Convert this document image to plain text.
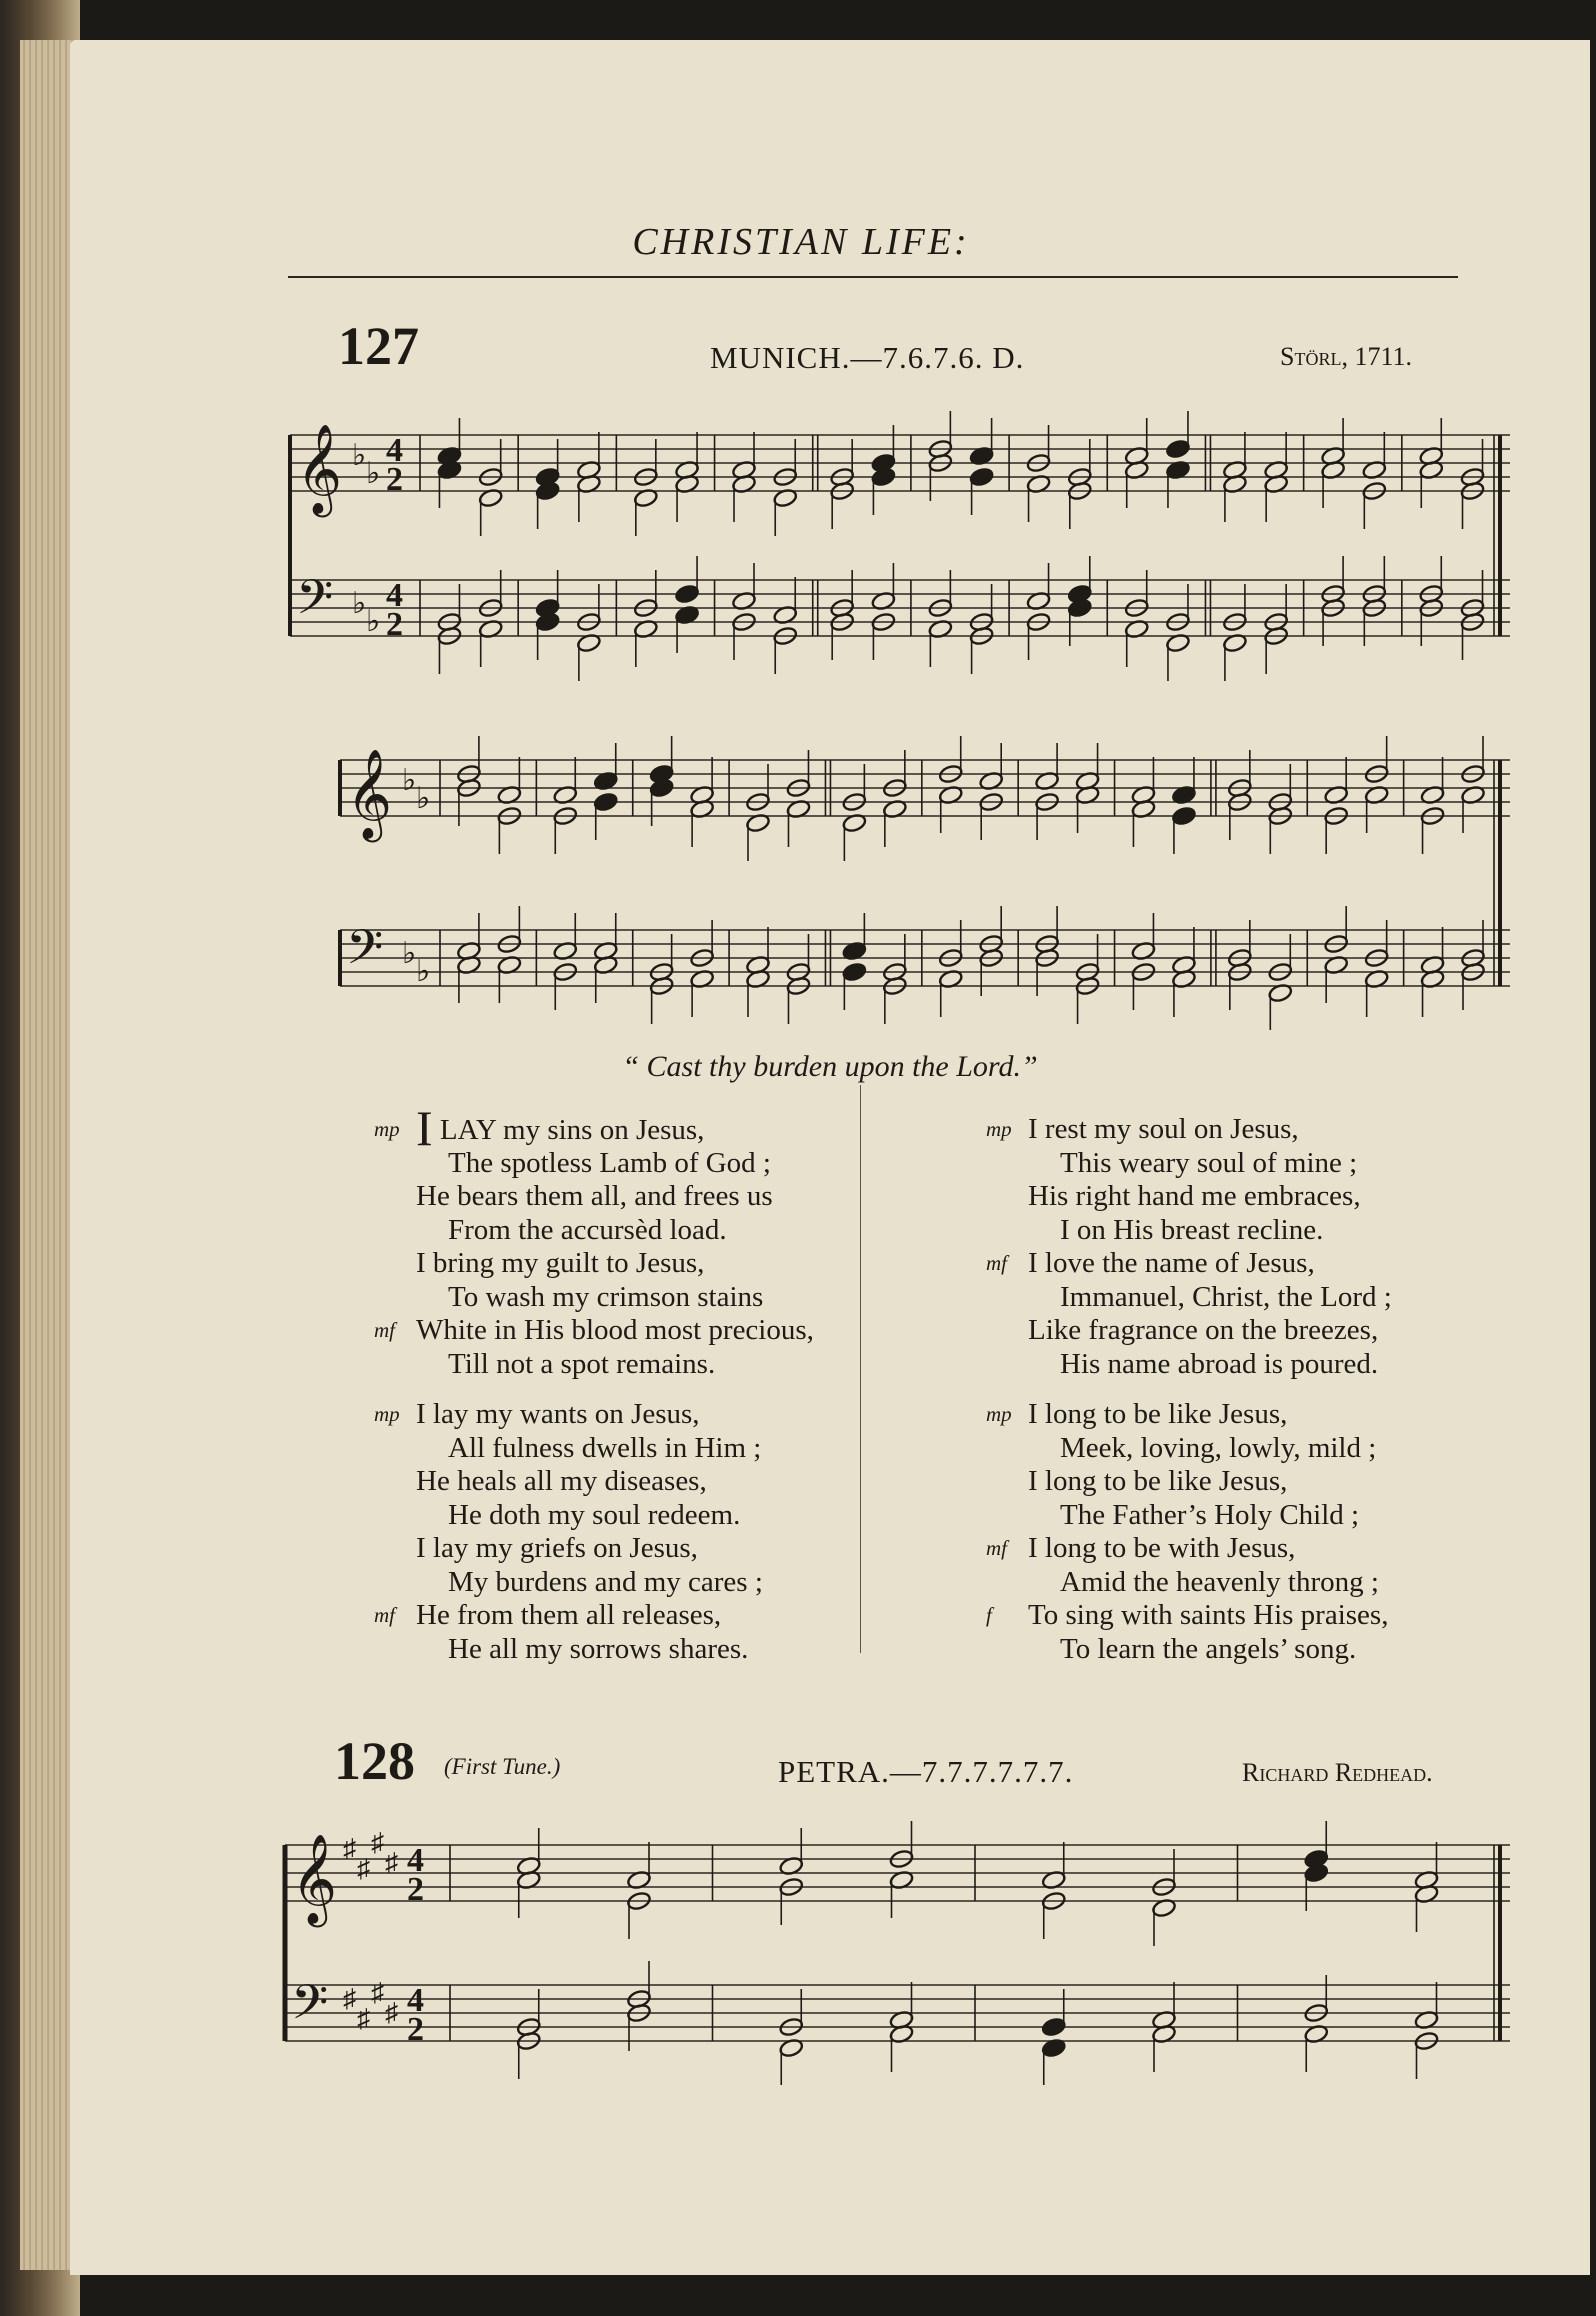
CHRISTIAN LIFE:
127	MUNICH.—7.6.7.6. D.	Störl, 1711.
𝄞
𝄢
♭
♭
♭
♭
4
2
4
2
𝄞
𝄢
♭
♭
♭
♭
“ Cast thy burden upon the Lord.”
mp I LAY my sins on Jesus,
The spotless Lamb of God ;
He bears them all, and frees us
From the accursèd load.
I bring my guilt to Jesus,
To wash my crimson stains
mf White in His blood most precious,
Till not a spot remains.
mp I lay my wants on Jesus,
All fulness dwells in Him ;
He heals all my diseases,
He doth my soul redeem.
I lay my griefs on Jesus,
My burdens and my cares ;
mf He from them all releases,
He all my sorrows shares.
mp I rest my soul on Jesus,
This weary soul of mine ;
His right hand me embraces,
I on His breast recline.
mf I love the name of Jesus,
Immanuel, Christ, the Lord ;
Like fragrance on the breezes,
His name abroad is poured.
mp I long to be like Jesus,
Meek, loving, lowly, mild ;
I long to be like Jesus,
The Father’s Holy Child ;
mf I long to be with Jesus,
Amid the heavenly throng ;
f To sing with saints His praises,
To learn the angels’ song.
128 (First Tune.)	PETRA.—7.7.7.7.7.7.	Richard Redhead.
𝄞
𝄢
♯
♯
♯
♯
♯
♯
♯
♯
4
2
4
2
